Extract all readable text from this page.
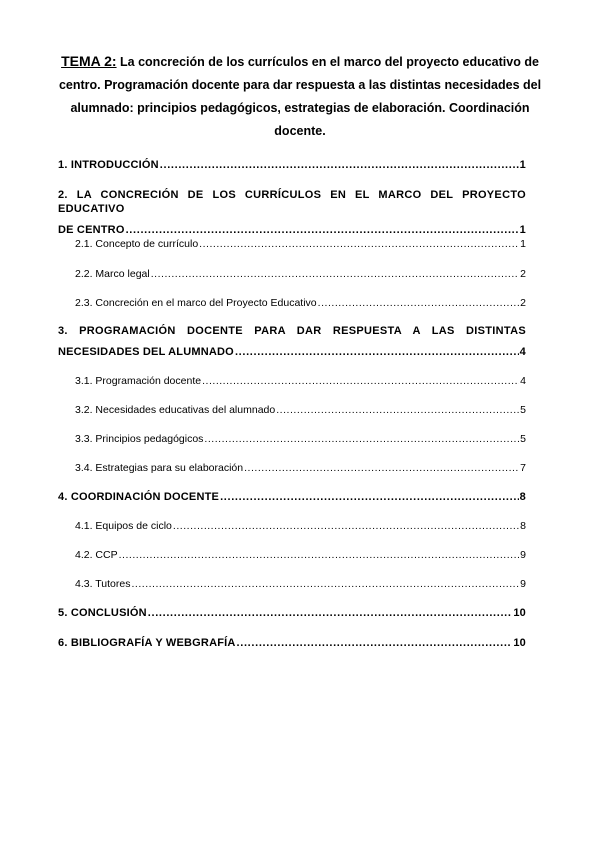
TEMA 2: La concreción de los currículos en el marco del proyecto educativo de centro. Programación docente para dar respuesta a las distintas necesidades del alumnado: principios pedagógicos, estrategias de elaboración. Coordinación docente.
1. INTRODUCCIÓN . . .	1
2. LA CONCRECIÓN DE LOS CURRÍCULOS EN EL MARCO DEL PROYECTO EDUCATIVO
DE CENTRO . . .	1
2.1. Concepto de currículo . . .	1
2.2. Marco legal . . .	2
2.3. Concreción en el marco del Proyecto Educativo . . .	2
3. PROGRAMACIÓN DOCENTE PARA DAR RESPUESTA A LAS DISTINTAS
NECESIDADES DEL ALUMNADO . . .	4
3.1. Programación docente . . .	4
3.2. Necesidades educativas del alumnado . . .	5
3.3. Principios pedagógicos . . .	5
3.4. Estrategias para su elaboración . . .	7
4. COORDINACIÓN DOCENTE . . .	8
4.1. Equipos de ciclo . . .	8
4.2. CCP . . .	9
4.3. Tutores . . .	9
5. CONCLUSIÓN . . .	10
6. BIBLIOGRAFÍA Y WEBGRAFÍA . . .	10
